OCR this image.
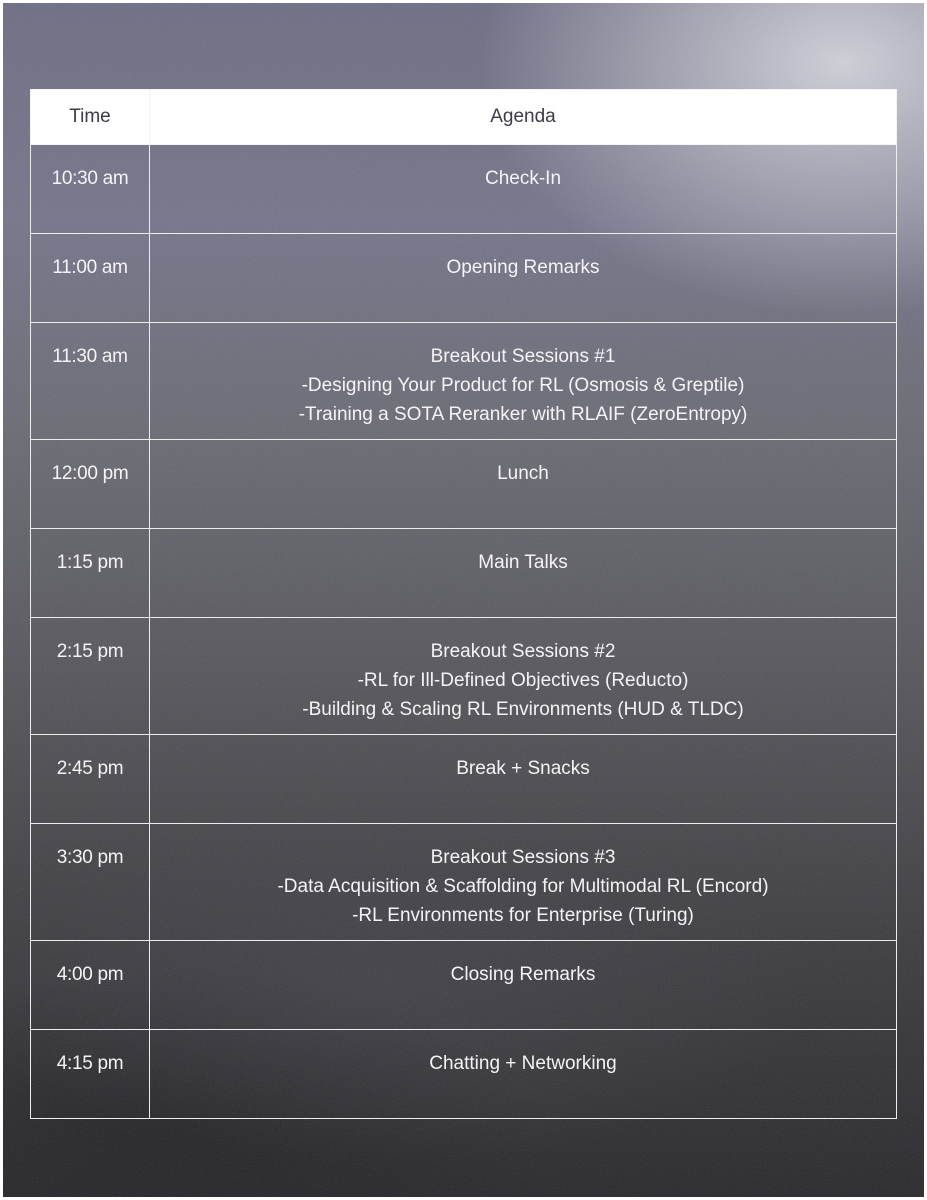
Time	Agenda
10:30 am	Check-In

11:00 am	Opening Remarks

11:30 am	Breakout Sessions #1
-Designing Your Product for RL (Osmosis & Greptile)
-Training a SOTA Reranker with RLAIF (ZeroEntropy)

12:00 pm	Lunch

1:15 pm	Main Talks

2:15 pm	Breakout Sessions #2
-RL for Ill-Defined Objectives (Reducto)
-Building & Scaling RL Environments (HUD & TLDC)

2:45 pm	Break + Snacks

3:30 pm	Breakout Sessions #3
-Data Acquisition & Scaffolding for Multimodal RL (Encord)
-RL Environments for Enterprise (Turing)

4:00 pm	Closing Remarks

4:15 pm	Chatting + Networking
